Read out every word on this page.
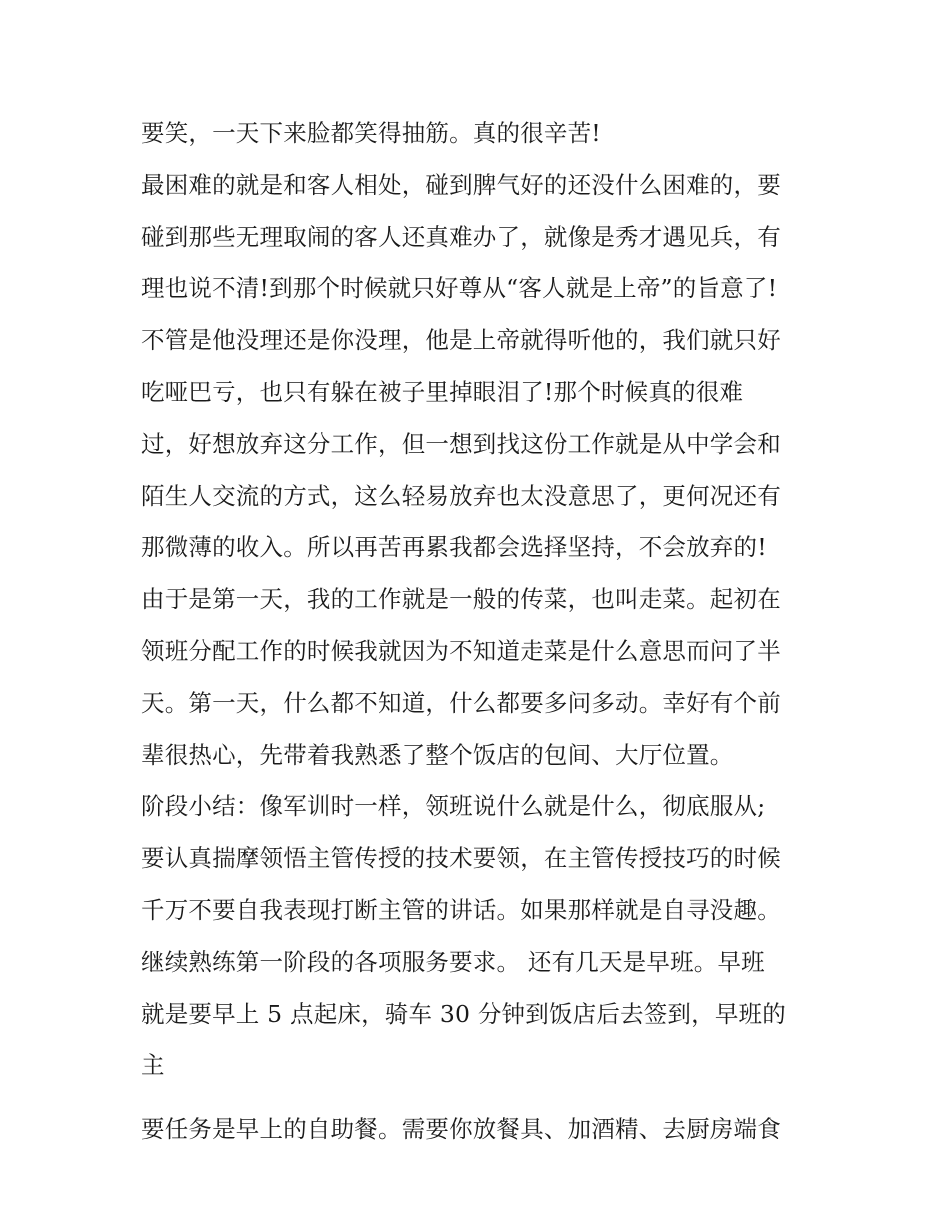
要笑，一天下来脸都笑得抽筋。真的很辛苦!
最困难的就是和客人相处，碰到脾气好的还没什么困难的，要
碰到那些无理取闹的客人还真难办了，就像是秀才遇见兵，有
理也说不清!到那个时候就只好尊从“客人就是上帝”的旨意了!
不管是他没理还是你没理，他是上帝就得听他的，我们就只好
吃哑巴亏，也只有躲在被子里掉眼泪了!那个时候真的很难
过，好想放弃这分工作，但一想到找这份工作就是从中学会和
陌生人交流的方式，这么轻易放弃也太没意思了，更何况还有
那微薄的收入。所以再苦再累我都会选择坚持，不会放弃的!
由于是第一天，我的工作就是一般的传菜，也叫走菜。起初在
领班分配工作的时候我就因为不知道走菜是什么意思而问了半
天。第一天，什么都不知道，什么都要多问多动。幸好有个前
辈很热心，先带着我熟悉了整个饭店的包间、大厅位置。
阶段小结：像军训时一样，领班说什么就是什么，彻底服从;
要认真揣摩领悟主管传授的技术要领，在主管传授技巧的时候
千万不要自我表现打断主管的讲话。如果那样就是自寻没趣。
继续熟练第一阶段的各项服务要求。 还有几天是早班。早班
就是要早上 5 点起床，骑车 30 分钟到饭店后去签到，早班的
主
要任务是早上的自助餐。需要你放餐具、加酒精、去厨房端食
